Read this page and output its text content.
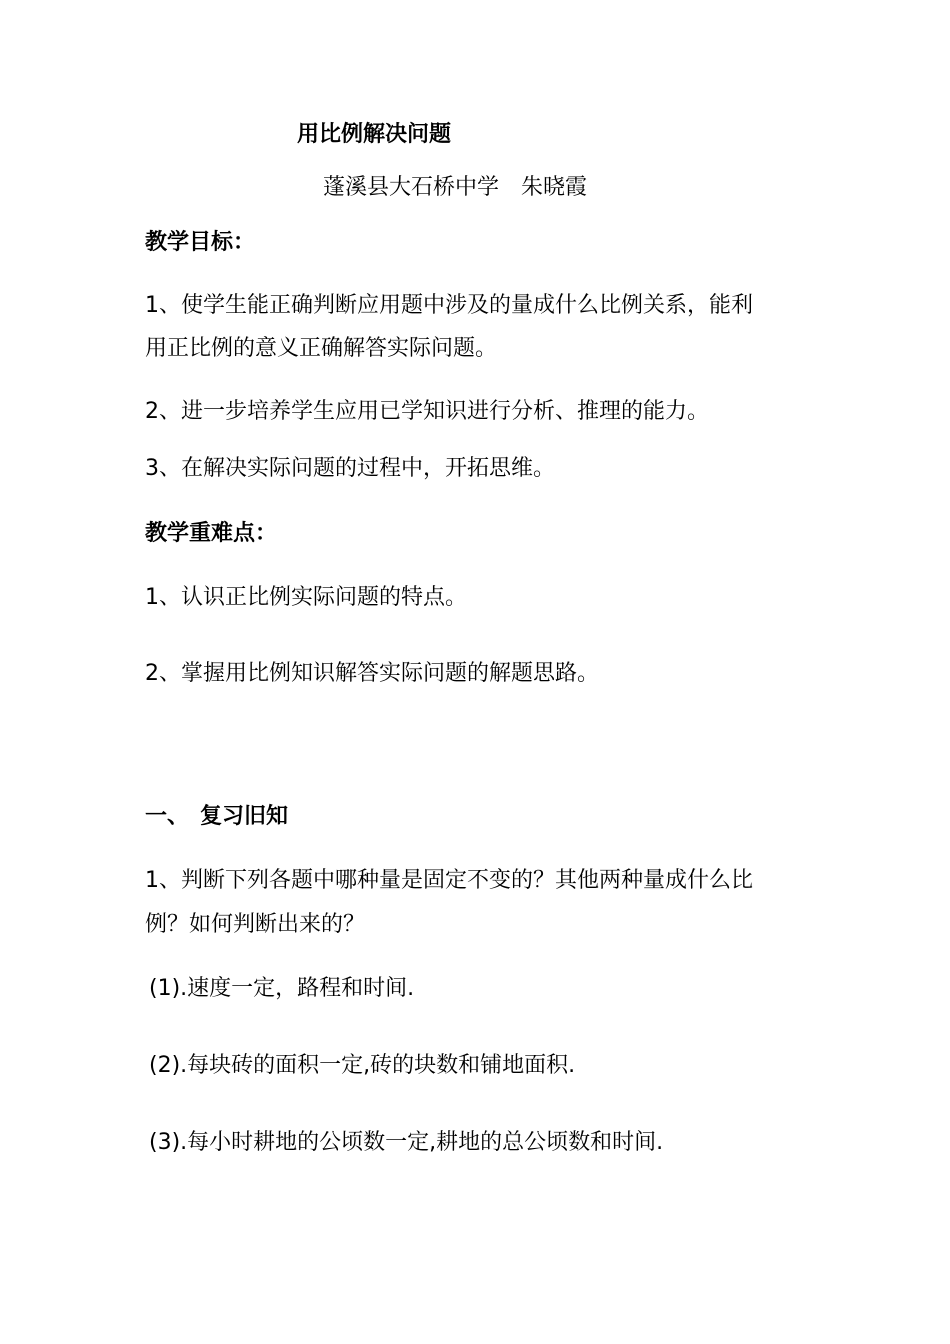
用比例解决问题
蓬溪县大石桥中学　朱晓霞
教学目标：
1、使学生能正确判断应用题中涉及的量成什么比例关系，能利
用正比例的意义正确解答实际问题。
2、进一步培养学生应用已学知识进行分析、推理的能力。
3、在解决实际问题的过程中，开拓思维。
教学重难点：
1、认识正比例实际问题的特点。
2、掌握用比例知识解答实际问题的解题思路。
一、　复习旧知
1、判断下列各题中哪种量是固定不变的？其他两种量成什么比
例？如何判断出来的？
(1).速度一定，路程和时间.
(2).每块砖的面积一定,砖的块数和铺地面积.
(3).每小时耕地的公顷数一定,耕地的总公顷数和时间.
